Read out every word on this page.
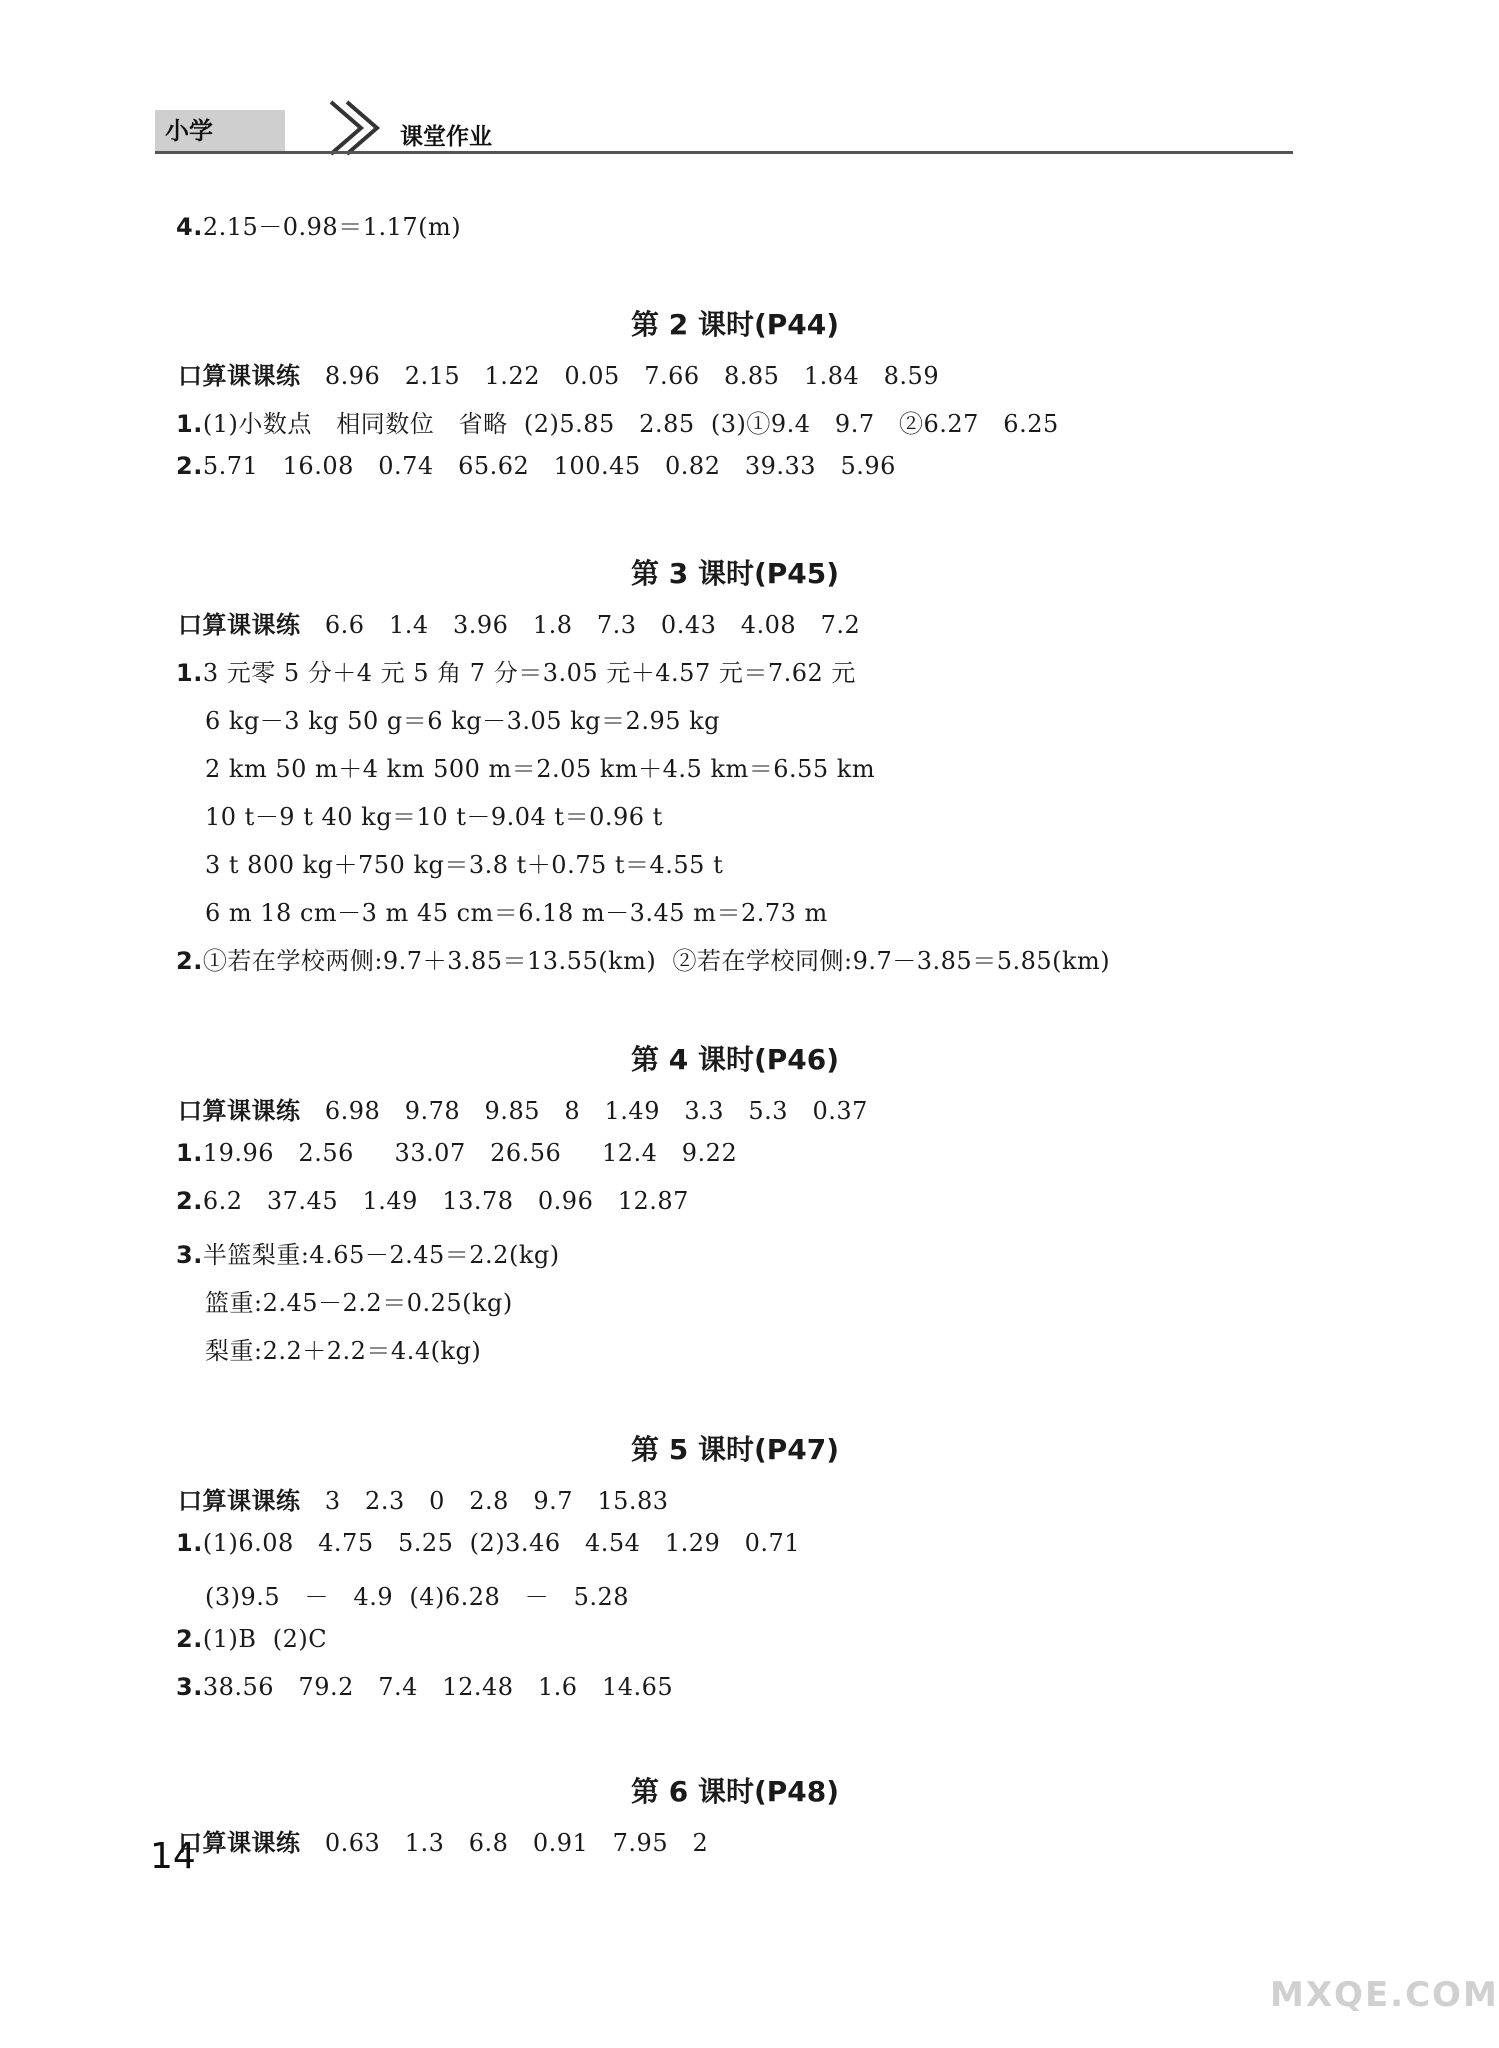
小学	课堂作业
4.2.15－0.98＝1.17(m)
第 2 课时(P44)
口算课课练 8.96   2.15   1.22   0.05   7.66   8.85   1.84   8.59
1.(1)小数点   相同数位   省略  (2)5.85   2.85  (3)①9.4   9.7   ②6.27   6.25
2.5.71   16.08   0.74   65.62   100.45   0.82   39.33   5.96
第 3 课时(P45)
口算课课练 6.6   1.4   3.96   1.8   7.3   0.43   4.08   7.2
1.3 元零 5 分＋4 元 5 角 7 分＝3.05 元＋4.57 元＝7.62 元
6 kg－3 kg 50 g＝6 kg－3.05 kg＝2.95 kg
2 km 50 m＋4 km 500 m＝2.05 km＋4.5 km＝6.55 km
10 t－9 t 40 kg＝10 t－9.04 t＝0.96 t
3 t 800 kg＋750 kg＝3.8 t＋0.75 t＝4.55 t
6 m 18 cm－3 m 45 cm＝6.18 m－3.45 m＝2.73 m
2.①若在学校两侧:9.7＋3.85＝13.55(km)  ②若在学校同侧:9.7－3.85＝5.85(km)
第 4 课时(P46)
口算课课练 6.98   9.78   9.85   8   1.49   3.3   5.3   0.37
1.19.96   2.56     33.07   26.56     12.4   9.22
2.6.2   37.45   1.49   13.78   0.96   12.87
3.半篮梨重:4.65－2.45＝2.2(kg)
篮重:2.45－2.2＝0.25(kg)
梨重:2.2＋2.2＝4.4(kg)
第 5 课时(P47)
口算课课练 3   2.3   0   2.8   9.7   15.83
1.(1)6.08   4.75   5.25  (2)3.46   4.54   1.29   0.71
(3)9.5   －   4.9  (4)6.28   －   5.28
2.(1)B  (2)C
3.38.56   79.2   7.4   12.48   1.6   14.65
第 6 课时(P48)
口算课课练 0.63   1.3   6.8   0.91   7.95   2
14
MXQE.COM
